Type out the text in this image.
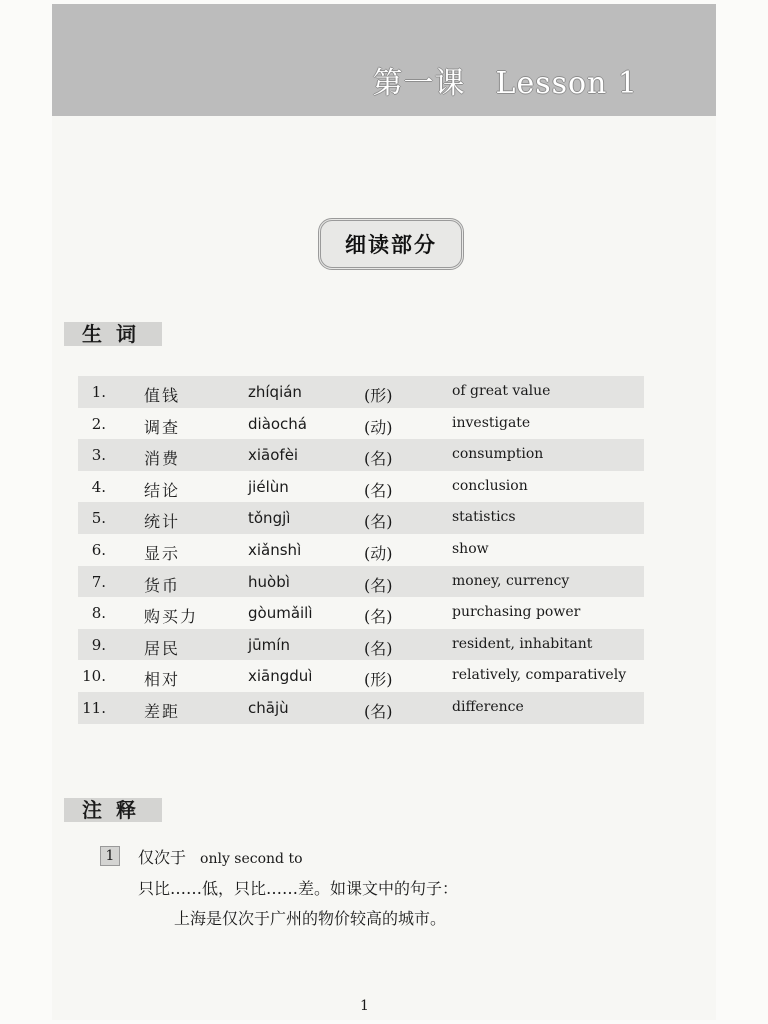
第一课 Lesson 1
细读部分
生词
1. 值钱	zhíqián	(形)	of great value
2. 调查	diàochá	(动)	investigate
3. 消费	xiāofèi	(名)	consumption
4. 结论	jiélùn	(名)	conclusion
5. 统计	tǒngjì	(名)	statistics
6. 显示	xiǎnshì	(动)	show
7. 货币	huòbì	(名)	money, currency
8. 购买力	gòumǎilì	(名)	purchasing power
9. 居民	jūmín	(名)	resident, inhabitant
10. 相对	xiāngduì	(形)	relatively, comparatively
11. 差距	chājù	(名)	difference
注释
1	仅次于 only second to
只比……低，只比……差。如课文中的句子：
上海是仅次于广州的物价较高的城市。
1
